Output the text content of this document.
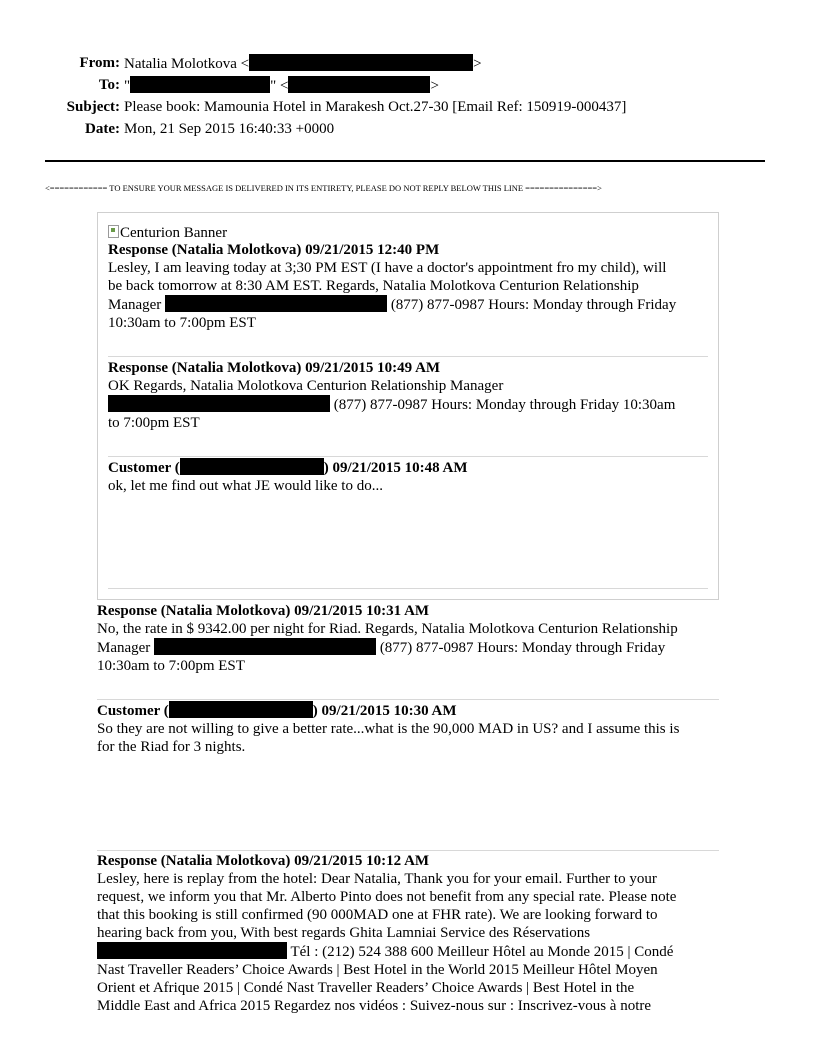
From: Natalia Molotkova <	>
To: "	" <	>
Subject: Please book: Mamounia Hotel in Marakesh Oct.27-30 [Email Ref: 150919-000437]
Date: Mon, 21 Sep 2015 16:40:33 +0000
<============ TO ENSURE YOUR MESSAGE IS DELIVERED IN ITS ENTIRETY, PLEASE DO NOT REPLY BELOW THIS LINE ===============>
Centurion Banner
Response (Natalia Molotkova) 09/21/2015 12:40 PM
Lesley, I am leaving today at 3;30 PM EST (I have a doctor's appointment fro my child), will
be back tomorrow at 8:30 AM EST. Regards, Natalia Molotkova Centurion Relationship
Manager	(877) 877-0987 Hours: Monday through Friday
10:30am to 7:00pm EST
Response (Natalia Molotkova) 09/21/2015 10:49 AM
OK Regards, Natalia Molotkova Centurion Relationship Manager
(877) 877-0987 Hours: Monday through Friday 10:30am
to 7:00pm EST
Customer (	) 09/21/2015 10:48 AM
ok, let me find out what JE would like to do...
Response (Natalia Molotkova) 09/21/2015 10:31 AM
No, the rate in $ 9342.00 per night for Riad. Regards, Natalia Molotkova Centurion Relationship
Manager	(877) 877-0987 Hours: Monday through Friday
10:30am to 7:00pm EST
Customer (	) 09/21/2015 10:30 AM
So they are not willing to give a better rate...what is the 90,000 MAD in US? and I assume this is
for the Riad for 3 nights.
Response (Natalia Molotkova) 09/21/2015 10:12 AM
Lesley, here is replay from the hotel: Dear Natalia, Thank you for your email. Further to your
request, we inform you that Mr. Alberto Pinto does not benefit from any special rate. Please note
that this booking is still confirmed (90 000MAD one at FHR rate). We are looking forward to
hearing back from you, With best regards Ghita Lamniai Service des Réservations
Tél : (212) 524 388 600 Meilleur Hôtel au Monde 2015 | Condé
Nast Traveller Readers’ Choice Awards | Best Hotel in the World 2015 Meilleur Hôtel Moyen
Orient et Afrique 2015 | Condé Nast Traveller Readers’ Choice Awards | Best Hotel in the
Middle East and Africa 2015 Regardez nos vidéos : Suivez-nous sur : Inscrivez-vous à notre
